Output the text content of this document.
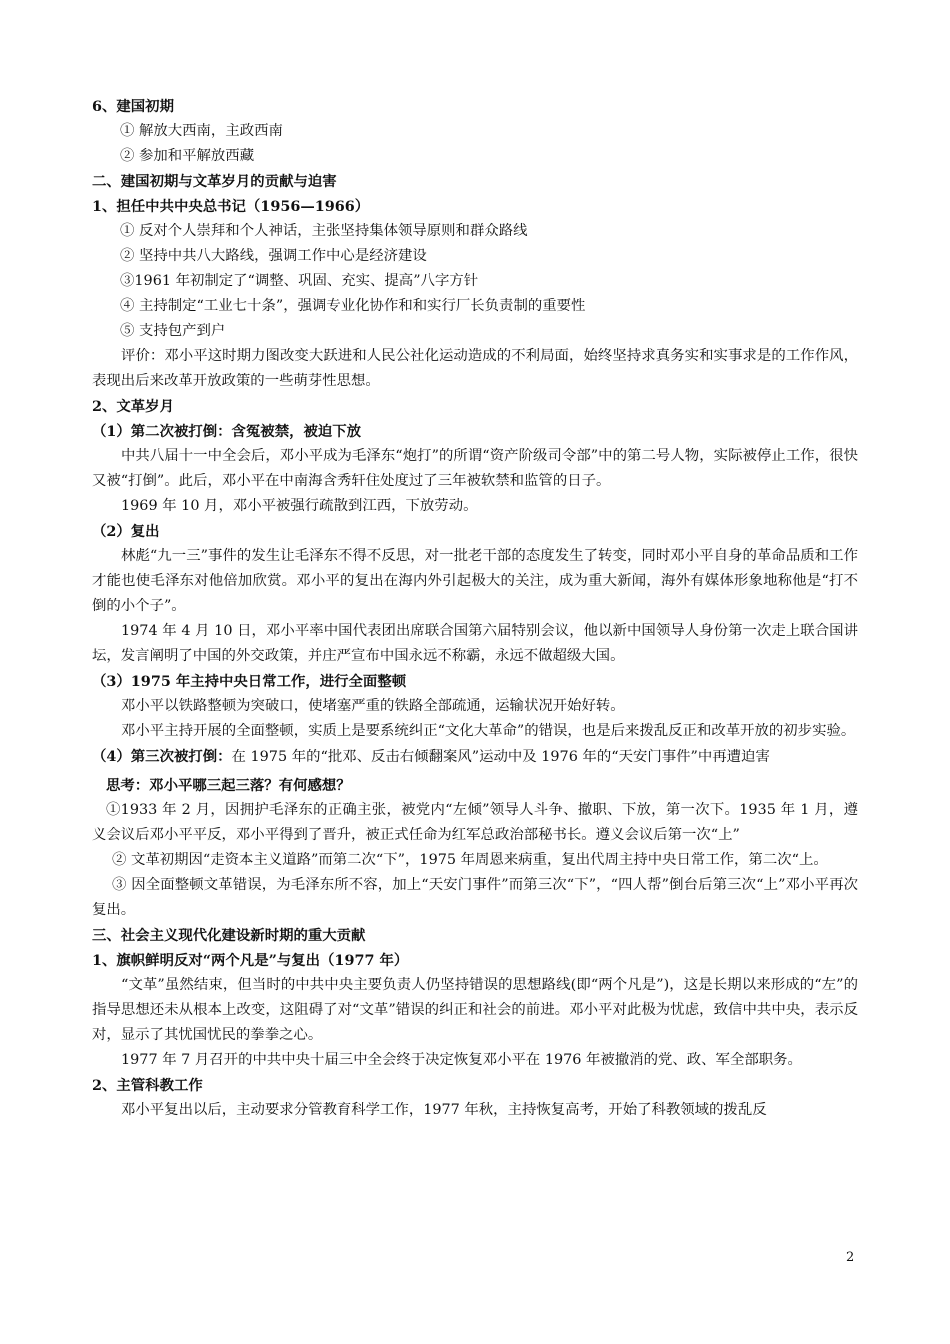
6、建国初期

① 解放大西南，主政西南

② 参加和平解放西藏

二、建国初期与文革岁月的贡献与迫害

1、担任中共中央总书记（1956—1966）

① 反对个人崇拜和个人神话，主张坚持集体领导原则和群众路线

② 坚持中共八大路线，强调工作中心是经济建设

③1961 年初制定了“调整、巩固、充实、提高”八字方针

④ 主持制定“工业七十条”，强调专业化协作和和实行厂长负责制的重要性

⑤ 支持包产到户

评价：邓小平这时期力图改变大跃进和人民公社化运动造成的不利局面，始终坚持求真务实和实事求是的工作作风，表现出后来改革开放政策的一些萌芽性思想。

2、文革岁月

（1）第二次被打倒：含冤被禁，被迫下放

中共八届十一中全会后，邓小平成为毛泽东“炮打”的所谓“资产阶级司令部”中的第二号人物，实际被停止工作，很快又被“打倒”。此后，邓小平在中南海含秀轩住处度过了三年被软禁和监管的日子。

1969 年 10 月，邓小平被强行疏散到江西，下放劳动。

（2）复出

林彪“九一三”事件的发生让毛泽东不得不反思，对一批老干部的态度发生了转变，同时邓小平自身的革命品质和工作才能也使毛泽东对他倍加欣赏。邓小平的复出在海内外引起极大的关注，成为重大新闻，海外有媒体形象地称他是“打不倒的小个子”。

1974 年 4 月 10 日，邓小平率中国代表团出席联合国第六届特别会议，他以新中国领导人身份第一次走上联合国讲坛，发言阐明了中国的外交政策，并庄严宣布中国永远不称霸，永远不做超级大国。

（3）1975 年主持中央日常工作，进行全面整顿

邓小平以铁路整顿为突破口，使堵塞严重的铁路全部疏通，运输状况开始好转。

邓小平主持开展的全面整顿，实质上是要系统纠正“文化大革命”的错误，也是后来拨乱反正和改革开放的初步实验。

（4）第三次被打倒：在 1975 年的“批邓、反击右倾翻案风”运动中及 1976 年的“天安门事件”中再遭迫害

思考：邓小平哪三起三落？有何感想？

①1933 年 2 月，因拥护毛泽东的正确主张，被党内“左倾”领导人斗争、撤职、下放，第一次下。1935 年 1 月，遵义会议后邓小平平反，邓小平得到了晋升，被正式任命为红军总政治部秘书长。遵义会议后第一次“上”

② 文革初期因“走资本主义道路”而第二次“下”，1975 年周恩来病重，复出代周主持中央日常工作，第二次“上。

③ 因全面整顿文革错误，为毛泽东所不容，加上“天安门事件”而第三次“下”，“四人帮”倒台后第三次“上”邓小平再次复出。

三、社会主义现代化建设新时期的重大贡献

1、旗帜鲜明反对“两个凡是”与复出（1977 年）

“文革”虽然结束，但当时的中共中央主要负责人仍坚持错误的思想路线(即“两个凡是”)，这是长期以来形成的“左”的指导思想还未从根本上改变，这阻碍了对“文革”错误的纠正和社会的前进。邓小平对此极为忧虑，致信中共中央，表示反对，显示了其忧国忧民的拳拳之心。

1977 年 7 月召开的中共中央十届三中全会终于决定恢复邓小平在 1976 年被撤消的党、政、军全部职务。

2、主管科教工作

邓小平复出以后，主动要求分管教育科学工作，1977 年秋，主持恢复高考，开始了科教领域的拨乱反

2
